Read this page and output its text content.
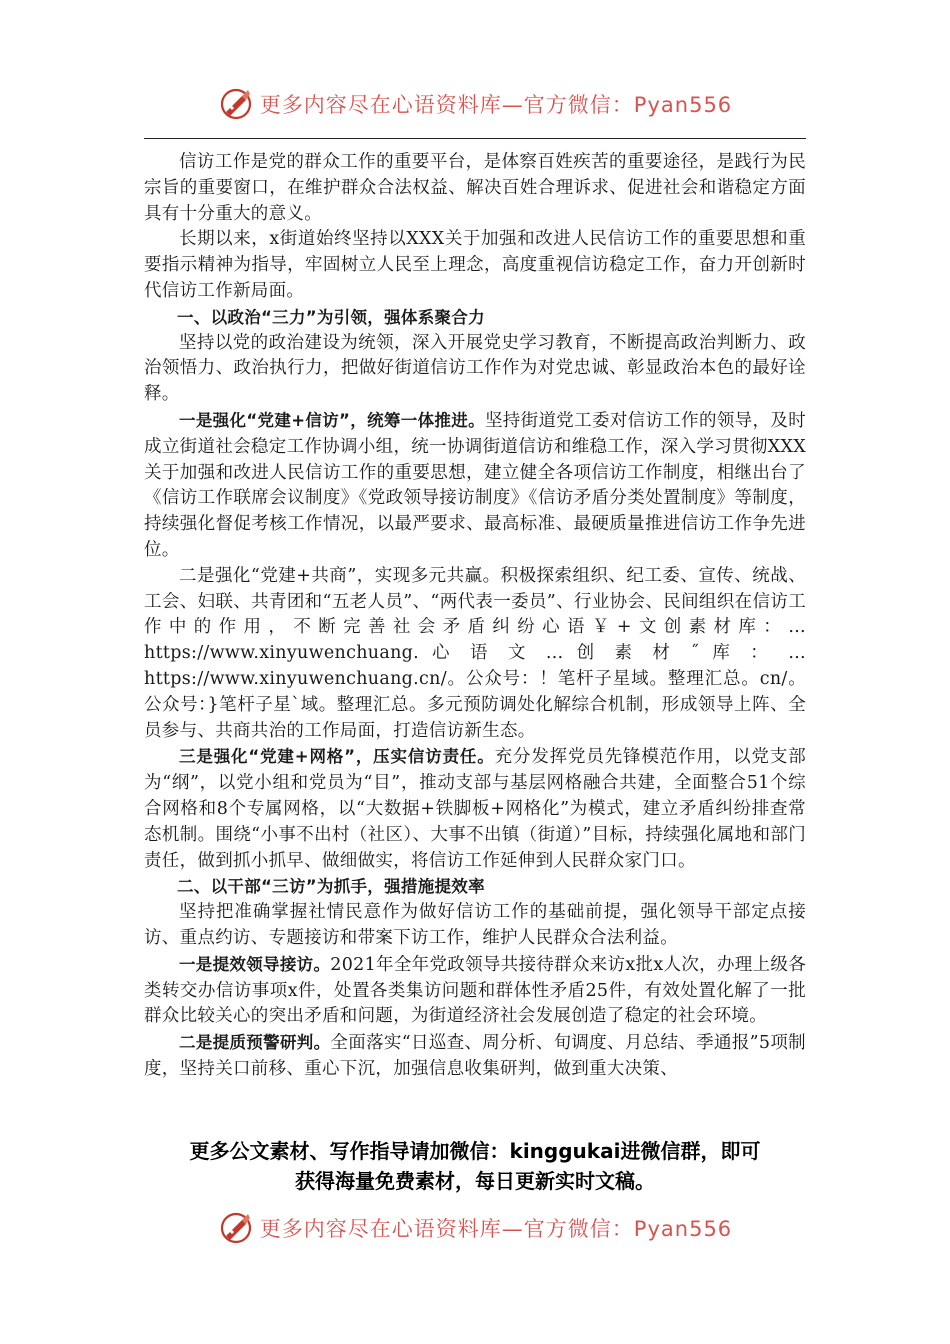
更多内容尽在心语资料库—官方微信：Pyan556

信访工作是党的群众工作的重要平台，是体察百姓疾苦的重要途径，是践行为民宗旨的重要窗口，在维护群众合法权益、解决百姓合理诉求、促进社会和谐稳定方面具有十分重大的意义。

长期以来，x街道始终坚持以XXX关于加强和改进人民信访工作的重要思想和重要指示精神为指导，牢固树立人民至上理念，高度重视信访稳定工作，奋力开创新时代信访工作新局面。

一、以政治“三力”为引领，强体系聚合力

坚持以党的政治建设为统领，深入开展党史学习教育，不断提高政治判断力、政治领悟力、政治执行力，把做好街道信访工作作为对党忠诚、彰显政治本色的最好诠释。

一是强化“党建+信访”，统筹一体推进。坚持街道党工委对信访工作的领导，及时成立街道社会稳定工作协调小组，统一协调街道信访和维稳工作，深入学习贯彻XXX关于加强和改进人民信访工作的重要思想，建立健全各项信访工作制度，相继出台了《信访工作联席会议制度》《党政领导接访制度》《信访矛盾分类处置制度》等制度，持续强化督促考核工作情况，以最严要求、最高标准、最硬质量推进信访工作争先进位。

二是强化“党建+共商”，实现多元共赢。积极探索组织、纪工委、宣传、统战、工会、妇联、共青团和“五老人员”、“两代表一委员”、行业协会、民间组织在信访工作中的作用，不断完善社会矛盾纠纷心语￥+文创素材库：… https://www.xinyuwenchuang. 心 语 文 … 创 素 材 ˝ 库 ： … https://www.xinyuwenchuang.cn/。公众号：！笔杆子星域。整理汇总。cn/。公众号：}笔杆子星`域。整理汇总。多元预防调处化解综合机制，形成领导上阵、全员参与、共商共治的工作局面，打造信访新生态。

三是强化“党建+网格”，压实信访责任。充分发挥党员先锋模范作用，以党支部为“纲”，以党小组和党员为“目”，推动支部与基层网格融合共建，全面整合51个综合网格和8个专属网格，以“大数据+铁脚板+网格化”为模式，建立矛盾纠纷排查常态机制。围绕“小事不出村（社区）、大事不出镇（街道）”目标，持续强化属地和部门责任，做到抓小抓早、做细做实，将信访工作延伸到人民群众家门口。

二、以干部“三访”为抓手，强措施提效率

坚持把准确掌握社情民意作为做好信访工作的基础前提，强化领导干部定点接访、重点约访、专题接访和带案下访工作，维护人民群众合法利益。

一是提效领导接访。2021年全年党政领导共接待群众来访x批x人次，办理上级各类转交办信访事项x件，处置各类集访问题和群体性矛盾25件，有效处置化解了一批群众比较关心的突出矛盾和问题，为街道经济社会发展创造了稳定的社会环境。

二是提质预警研判。全面落实“日巡查、周分析、旬调度、月总结、季通报”5项制度，坚持关口前移、重心下沉，加强信息收集研判，做到重大决策、

更多公文素材、写作指导请加微信：kinggukai进微信群，即可
获得海量免费素材，每日更新实时文稿。
更多内容尽在心语资料库—官方微信：Pyan556
